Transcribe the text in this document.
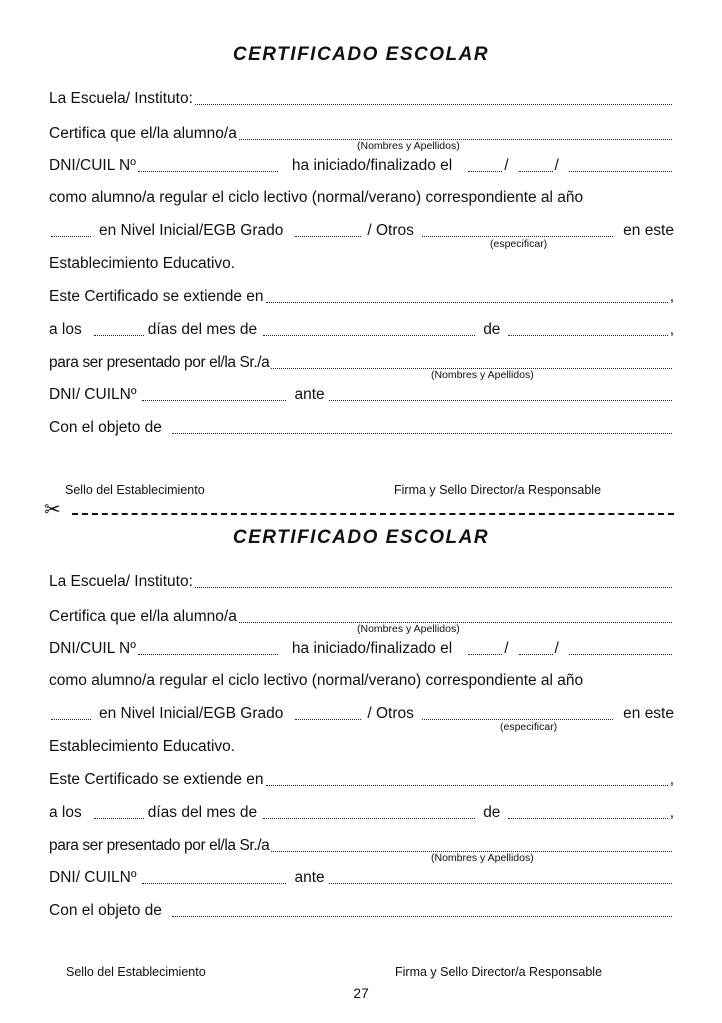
CERTIFICADO ESCOLAR
La Escuela/ Instituto:
Certifica que el/la alumno/a
(Nombres y Apellidos)
DNI/CUIL Nº	ha iniciado/finalizado el	/	/
como alumno/a regular el ciclo lectivo (normal/verano) correspondiente al año
en Nivel Inicial/EGB Grado	/ Otros	en este
(especificar)
Establecimiento Educativo.
Este Certificado se extiende en	,
a los	días del mes de	de	,
para ser presentado por el/la Sr./a
(Nombres y Apellidos)
DNI/ CUILNº	ante
Con el objeto de
Sello del Establecimiento	Firma y Sello Director/a Responsable
✂
CERTIFICADO ESCOLAR
La Escuela/ Instituto:
Certifica que el/la alumno/a
(Nombres y Apellidos)
DNI/CUIL Nº	ha iniciado/finalizado el	/	/
como alumno/a regular el ciclo lectivo (normal/verano) correspondiente al año
en Nivel Inicial/EGB Grado	/ Otros	en este
(especificar)
Establecimiento Educativo.
Este Certificado se extiende en	,
a los	días del mes de	de	,
para ser presentado por el/la Sr./a
(Nombres y Apellidos)
DNI/ CUILNº	ante
Con el objeto de
Sello del Establecimiento	Firma y Sello Director/a Responsable
27
